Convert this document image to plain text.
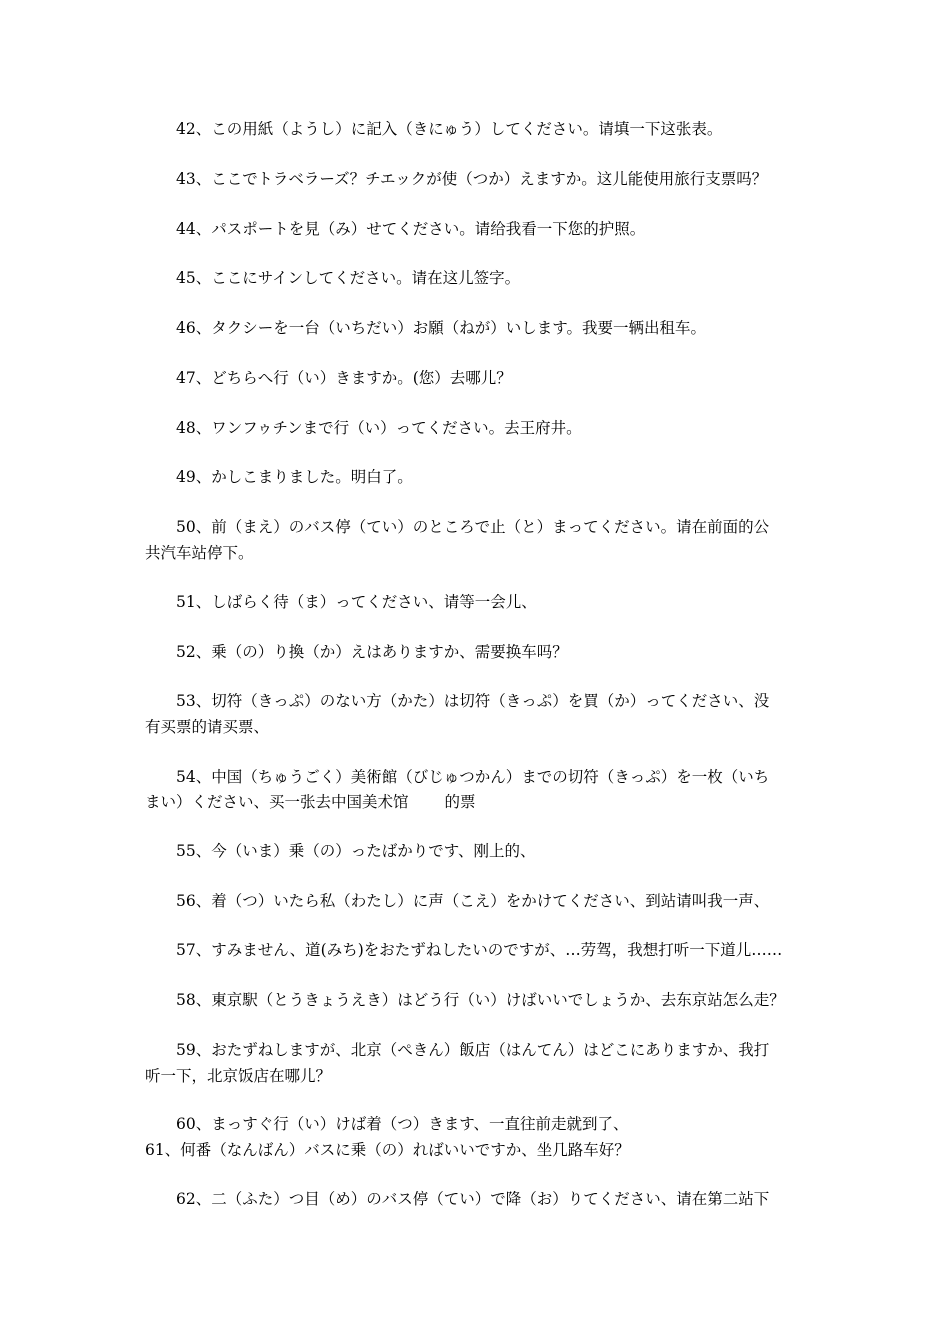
42、この用紙（ようし）に記入（きにゅう）してください。请填一下这张表。
43、ここでトラベラーズ？チエックが使（つか）えますか。这儿能使用旅行支票吗？
44、パスポートを見（み）せてください。请给我看一下您的护照。
45、ここにサインしてください。请在这儿签字。
46、タクシーを一台（いちだい）お願（ねが）いします。我要一辆出租车。
47、どちらへ行（い）きますか。(您）去哪儿？
48、ワンフゥチンまで行（い）ってください。去王府井。
49、かしこまりました。明白了。
50、前（まえ）のバス停（てい）のところで止（と）まってください。请在前面的公
共汽车站停下。
51、しばらく待（ま）ってください、请等一会儿、
52、乗（の）り換（か）えはありますか、需要换车吗？
53、切符（きっぷ）のない方（かた）は切符（きっぷ）を買（か）ってください、没
有买票的请买票、
54、中国（ちゅうごく）美術館（びじゅつかん）までの切符（きっぷ）を一枚（いち
まい）ください、买一张去中国美术馆 的票
55、今（いま）乗（の）ったばかりです、刚上的、
56、着（つ）いたら私（わたし）に声（こえ）をかけてください、到站请叫我一声、
57、すみません、道(みち)をおたずねしたいのですが、…劳驾，我想打听一下道儿……
58、東京駅（とうきょうえき）はどう行（い）けばいいでしょうか、去东京站怎么走？
59、おたずねしますが、北京（ぺきん）飯店（はんてん）はどこにありますか、我打
听一下，北京饭店在哪儿？
60、まっすぐ行（い）けば着（つ）きます、一直往前走就到了、
61、何番（なんばん）バスに乗（の）ればいいですか、坐几路车好？
62、二（ふた）つ目（め）のバス停（てい）で降（お）りてください、请在第二站下
